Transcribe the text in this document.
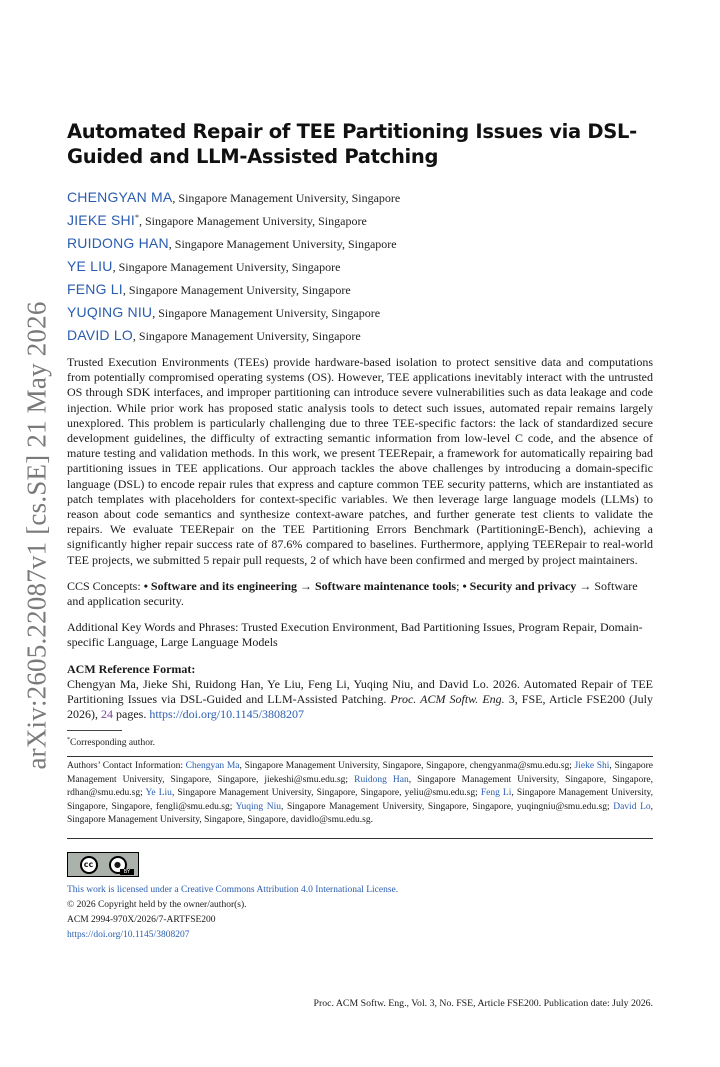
arXiv:2605.22087v1 [cs.SE] 21 May 2026
Automated Repair of TEE Partitioning Issues via DSL-Guided and LLM-Assisted Patching
CHENGYAN MA, Singapore Management University, Singapore
JIEKE SHI*, Singapore Management University, Singapore
RUIDONG HAN, Singapore Management University, Singapore
YE LIU, Singapore Management University, Singapore
FENG LI, Singapore Management University, Singapore
YUQING NIU, Singapore Management University, Singapore
DAVID LO, Singapore Management University, Singapore

Trusted Execution Environments (TEEs) provide hardware-based isolation to protect sensitive data and computations from potentially compromised operating systems (OS). However, TEE applications inevitably interact with the untrusted OS through SDK interfaces, and improper partitioning can introduce severe vulnerabilities such as data leakage and code injection. While prior work has proposed static analysis tools to detect such issues, automated repair remains largely unexplored. This problem is particularly challenging due to three TEE-specific factors: the lack of standardized secure development guidelines, the difficulty of extracting semantic information from low-level C code, and the absence of mature testing and validation methods. In this work, we present TEERepair, a framework for automatically repairing bad partitioning issues in TEE applications. Our approach tackles the above challenges by introducing a domain-specific language (DSL) to encode repair rules that express and capture common TEE security patterns, which are instantiated as patch templates with placeholders for context-specific variables. We then leverage large language models (LLMs) to reason about code semantics and synthesize context-aware patches, and further generate test clients to validate the repairs. We evaluate TEERepair on the TEE Partitioning Errors Benchmark (PartitioningE-Bench), achieving a significantly higher repair success rate of 87.6% compared to baselines. Furthermore, applying TEERepair to real-world TEE projects, we submitted 5 repair pull requests, 2 of which have been confirmed and merged by project maintainers.

CCS Concepts: • Software and its engineering → Software maintenance tools; • Security and privacy → Software and application security.
Additional Key Words and Phrases: Trusted Execution Environment, Bad Partitioning Issues, Program Repair, Domain-specific Language, Large Language Models
ACM Reference Format:
Chengyan Ma, Jieke Shi, Ruidong Han, Ye Liu, Feng Li, Yuqing Niu, and David Lo. 2026. Automated Repair of TEE Partitioning Issues via DSL-Guided and LLM-Assisted Patching. Proc. ACM Softw. Eng. 3, FSE, Article FSE200 (July 2026), 24 pages. https://doi.org/10.1145/3808207
*Corresponding author.
Authors’ Contact Information: Chengyan Ma, Singapore Management University, Singapore, Singapore, chengyanma@smu.edu.sg; Jieke Shi, Singapore Management University, Singapore, Singapore, jiekeshi@smu.edu.sg; Ruidong Han, Singapore Management University, Singapore, Singapore, rdhan@smu.edu.sg; Ye Liu, Singapore Management University, Singapore, Singapore, yeliu@smu.edu.sg; Feng Li, Singapore Management University, Singapore, Singapore, fengli@smu.edu.sg; Yuqing Niu, Singapore Management University, Singapore, Singapore, yuqingniu@smu.edu.sg; David Lo, Singapore Management University, Singapore, Singapore, davidlo@smu.edu.sg.
cc	●
BY
This work is licensed under a Creative Commons Attribution 4.0 International License.
© 2026 Copyright held by the owner/author(s).
ACM 2994-970X/2026/7-ARTFSE200
https://doi.org/10.1145/3808207
Proc. ACM Softw. Eng., Vol. 3, No. FSE, Article FSE200. Publication date: July 2026.
